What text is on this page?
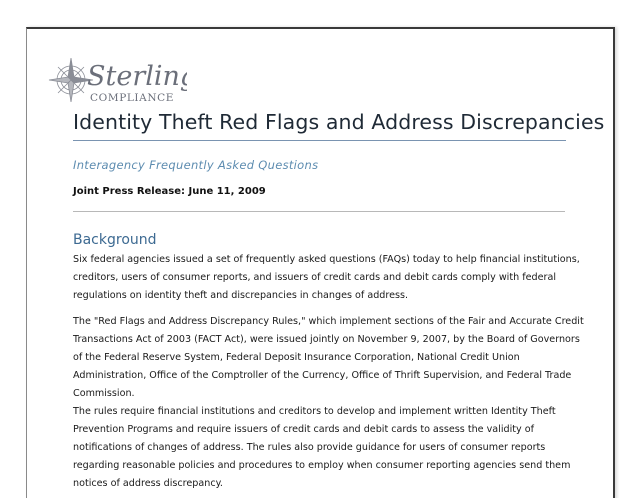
Sterling
COMPLIANCE
Identity Theft Red Flags and Address Discrepancies

Interagency Frequently Asked Questions

Joint Press Release: June 11, 2009

Background

Six federal agencies issued a set of frequently asked questions (FAQs) today to help financial institutions,
creditors, users of consumer reports, and issuers of credit cards and debit cards comply with federal
regulations on identity theft and discrepancies in changes of address.

The "Red Flags and Address Discrepancy Rules," which implement sections of the Fair and Accurate Credit
Transactions Act of 2003 (FACT Act), were issued jointly on November 9, 2007, by the Board of Governors
of the Federal Reserve System, Federal Deposit Insurance Corporation, National Credit Union
Administration, Office of the Comptroller of the Currency, Office of Thrift Supervision, and Federal Trade
Commission.

The rules require financial institutions and creditors to develop and implement written Identity Theft
Prevention Programs and require issuers of credit cards and debit cards to assess the validity of
notifications of changes of address. The rules also provide guidance for users of consumer reports
regarding reasonable policies and procedures to employ when consumer reporting agencies send them
notices of address discrepancy.
